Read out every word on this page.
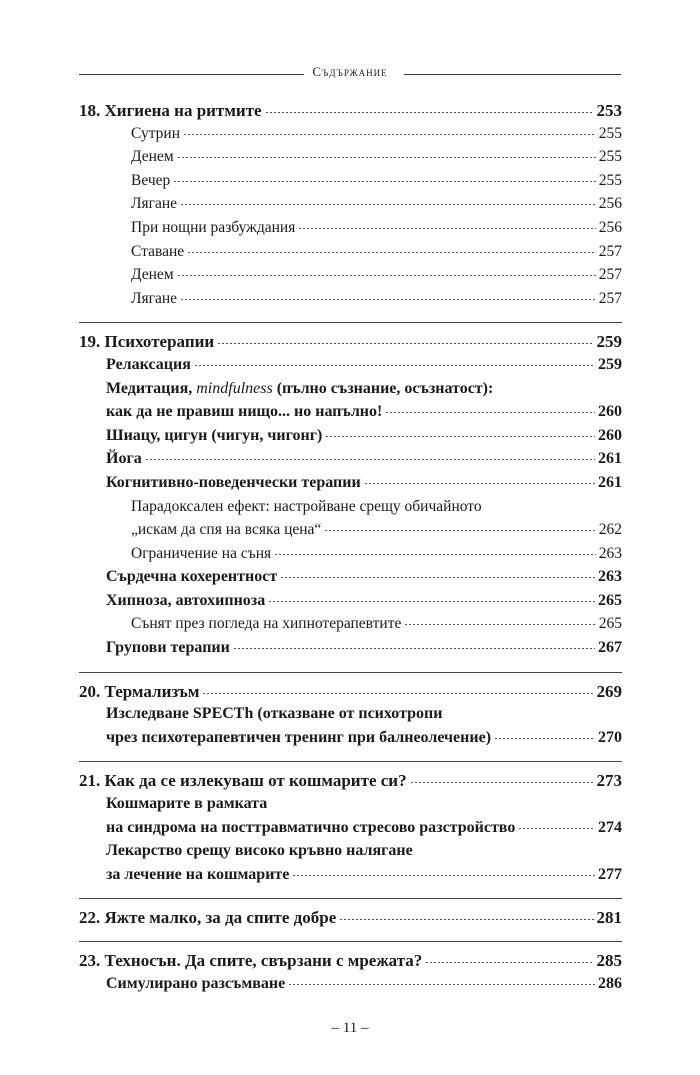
Съдържание
18. Хигиена на ритмите	253
Сутрин	255
Денем	255
Вечер	255
Лягане	256
При нощни разбуждания	256
Ставане	257
Денем	257
Лягане	257
19. Психотерапии	259
Релаксация	259
Медитация, mindfulness (пълно съзнание, осъзнатост):
как да не правиш нищо... но напълно!	260
Шиацу, цигун (чигун, чигонг)	260
Йога	261
Когнитивно-поведенчески терапии	261
Парадоксален ефект: настройване срещу обичайното
„искам да спя на всяка цена“	262
Ограничение на съня	263
Сърдечна кохерентност	263
Хипноза, автохипноза	265
Сънят през погледа на хипнотерапевтите	265
Групови терапии	267
20. Термализъм	269
Изследване SPECTh (отказване от психотропи
чрез психотерапевтичен тренинг при балнеолечение)	270
21. Как да се излекуваш от кошмарите си?	273
Кошмарите в рамката
на синдрома на посттравматично стресово разстройство	274
Лекарство срещу високо кръвно налягане
за лечение на кошмарите	277
22. Яжте малко, за да спите добре	281
23. Техносън. Да спите, свързани с мрежата?	285
Симулирано разсъмване	286
– 11 –
